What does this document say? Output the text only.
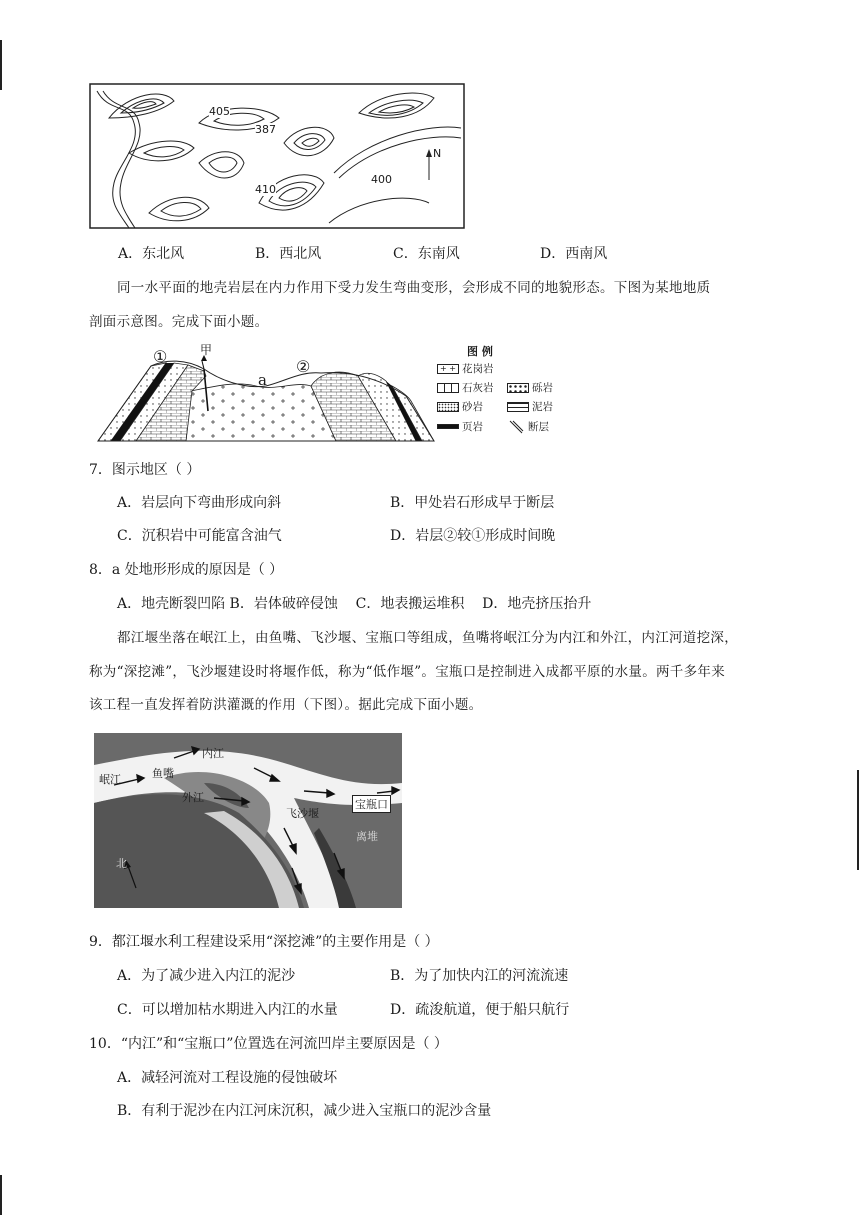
405
387
400
410
N
A．东北风	B．西北风	C．东南风	D．西南风
同一水平面的地壳岩层在内力作用下受力发生弯曲变形，会形成不同的地貌形态。下图为某地地质
剖面示意图。完成下面小题。
①	甲
a
②
图 例
+ + 花岗岩
石灰岩	砾岩
砂岩	泥岩
页岩	断层
7．图示地区（ ）
A．岩层向下弯曲形成向斜	B．甲处岩石形成早于断层
C．沉积岩中可能富含油气	D．岩层②较①形成时间晚
8．a 处地形形成的原因是（ ）
A．地壳断裂凹陷 B．岩体破碎侵蚀    C．地表搬运堆积    D．地壳挤压抬升
都江堰坐落在岷江上，由鱼嘴、飞沙堰、宝瓶口等组成，鱼嘴将岷江分为内江和外江，内江河道挖深，
称为“深挖滩”，飞沙堰建设时将堰作低，称为“低作堰”。宝瓶口是控制进入成都平原的水量。两千多年来
该工程一直发挥着防洪灌溉的作用（下图）。据此完成下面小题。
内江
岷江	鱼嘴
外江
飞沙堰
宝瓶口
离堆
北
9．都江堰水利工程建设采用“深挖滩”的主要作用是（ ）
A．为了减少进入内江的泥沙	B．为了加快内江的河流流速
C．可以增加枯水期进入内江的水量	D．疏浚航道，便于船只航行
10．“内江”和“宝瓶口”位置选在河流凹岸主要原因是（ ）
A．减轻河流对工程设施的侵蚀破坏
B．有利于泥沙在内江河床沉积，减少进入宝瓶口的泥沙含量
